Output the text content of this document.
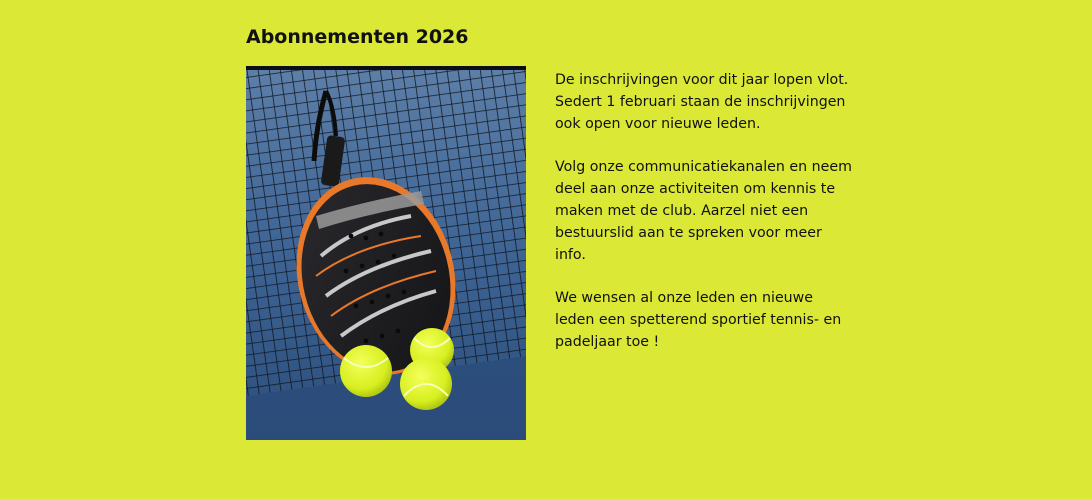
Abonnementen 2026

De inschrijvingen voor dit jaar lopen vlot. Sedert 1 februari staan de inschrijvingen ook open voor nieuwe leden.

Volg onze communicatiekanalen en neem deel aan onze activiteiten om kennis te maken met de club. Aarzel niet een bestuurslid aan te spreken voor meer info.

We wensen al onze leden en nieuwe leden een spetterend sportief tennis- en padeljaar toe !
